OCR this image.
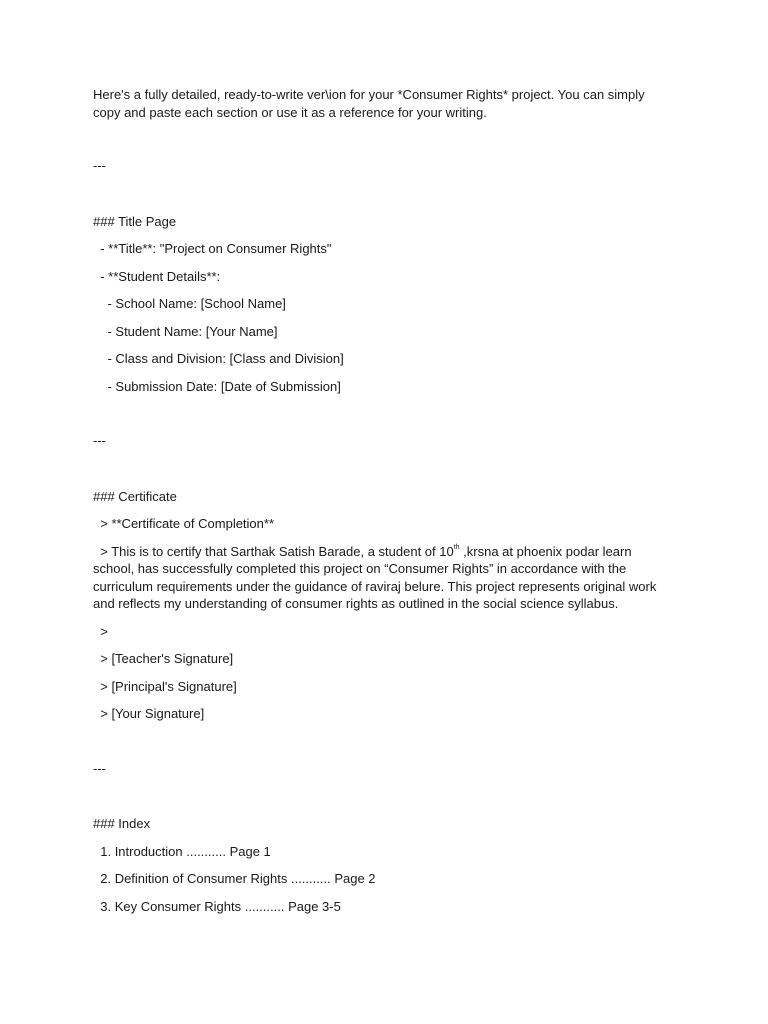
Here's a fully detailed, ready-to-write ver\ion for your *Consumer Rights* project. You can simply copy and paste each section or use it as a reference for your writing.

---

### Title Page

- **Title**: "Project on Consumer Rights"

- **Student Details**:

- School Name: [School Name]

- Student Name: [Your Name]

- Class and Division: [Class and Division]

- Submission Date: [Date of Submission]

---

### Certificate

> **Certificate of Completion**

> This is to certify that Sarthak Satish Barade, a student of 10th ,krsna at phoenix podar learn school, has successfully completed this project on “Consumer Rights” in accordance with the curriculum requirements under the guidance of raviraj belure. This project represents original work and reflects my understanding of consumer rights as outlined in the social science syllabus.

>

> [Teacher's Signature]

> [Principal's Signature]

> [Your Signature]

---

### Index

1. Introduction ........... Page 1

2. Definition of Consumer Rights ........... Page 2

3. Key Consumer Rights ........... Page 3-5
